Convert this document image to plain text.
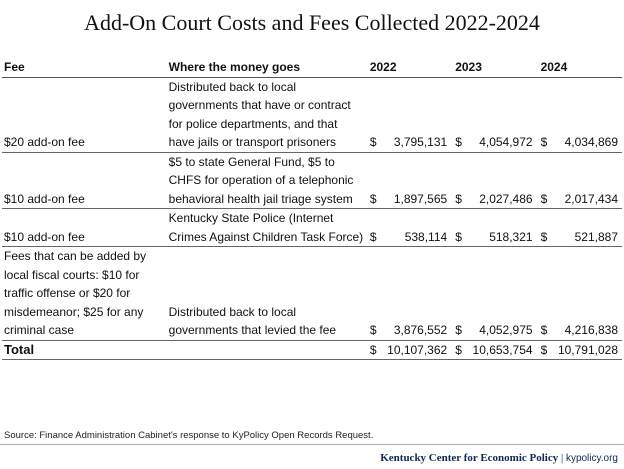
Add-On Court Costs and Fees Collected 2022-2024
Fee	Where the money goes	2022		2023		2024	
$20 add-on fee	Distributed back to local governments that have or contract for police departments, and that have jails or transport prisoners	$	3,795,131	$	4,054,972	$	4,034,869
$10 add-on fee	$5 to state General Fund, $5 to CHFS for operation of a telephonic behavioral health jail triage system	$	1,897,565	$	2,027,486	$	2,017,434
$10 add-on fee	Kentucky State Police (Internet Crimes Against Children Task Force)	$	538,114	$	518,321	$	521,887
Fees that can be added by local fiscal courts: $10 for traffic offense or $20 for misdemeanor; $25 for any criminal case	Distributed back to local governments that levied the fee	$	3,876,552	$	4,052,975	$	4,216,838
Total		$	10,107,362	$	10,653,754	$	10,791,028
Source: Finance Administration Cabinet's response to KyPolicy Open Records Request.
Kentucky Center for Economic Policy | kypolicy.org
